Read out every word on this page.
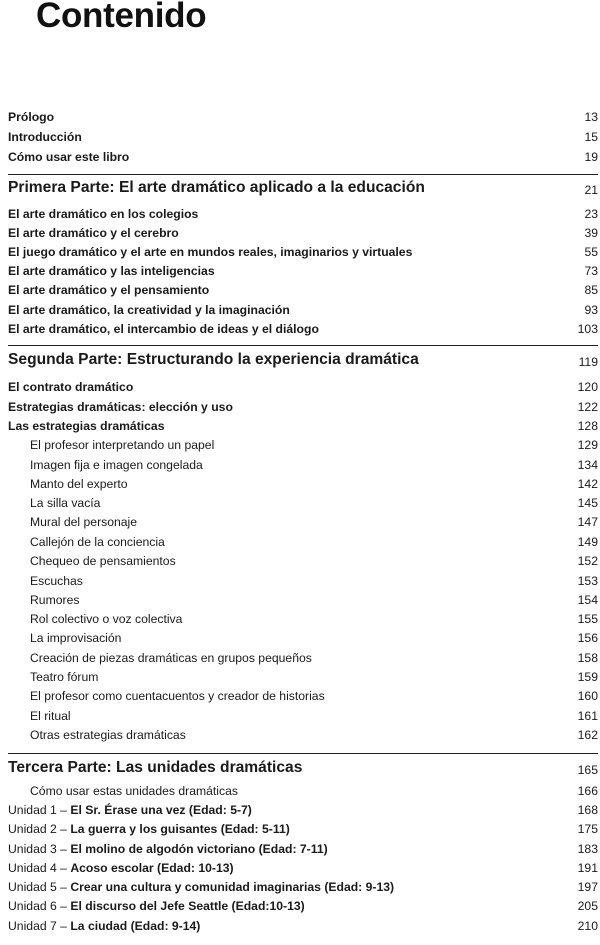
Contenido
Prólogo	13
Introducción	15
Cómo usar este libro	19
Primera Parte: El arte dramático aplicado a la educación	21
El arte dramático en los colegios	23
El arte dramático y el cerebro	39
El juego dramático y el arte en mundos reales, imaginarios y virtuales	55
El arte dramático y las inteligencias	73
El arte dramático y el pensamiento	85
El arte dramático, la creatividad y la imaginación	93
El arte dramático, el intercambio de ideas y el diálogo	103
Segunda Parte: Estructurando la experiencia dramática	119
El contrato dramático	120
Estrategias dramáticas: elección y uso	122
Las estrategias dramáticas	128
El profesor interpretando un papel	129
Imagen fija e imagen congelada	134
Manto del experto	142
La silla vacía	145
Mural del personaje	147
Callejón de la conciencia	149
Chequeo de pensamientos	152
Escuchas	153
Rumores	154
Rol colectivo o voz colectiva	155
La improvisación	156
Creación de piezas dramáticas en grupos pequeños	158
Teatro fórum	159
El profesor como cuentacuentos y creador de historias	160
El ritual	161
Otras estrategias dramáticas	162
Tercera Parte: Las unidades dramáticas	165
Cómo usar estas unidades dramáticas	166
Unidad 1 – El Sr. Érase una vez (Edad: 5-7)	168
Unidad 2 – La guerra y los guisantes (Edad: 5-11)	175
Unidad 3 – El molino de algodón victoriano (Edad: 7-11)	183
Unidad 4 – Acoso escolar (Edad: 10-13)	191
Unidad 5 – Crear una cultura y comunidad imaginarias (Edad: 9-13)	197
Unidad 6 – El discurso del Jefe Seattle (Edad:10-13)	205
Unidad 7 – La ciudad (Edad: 9-14)	210
